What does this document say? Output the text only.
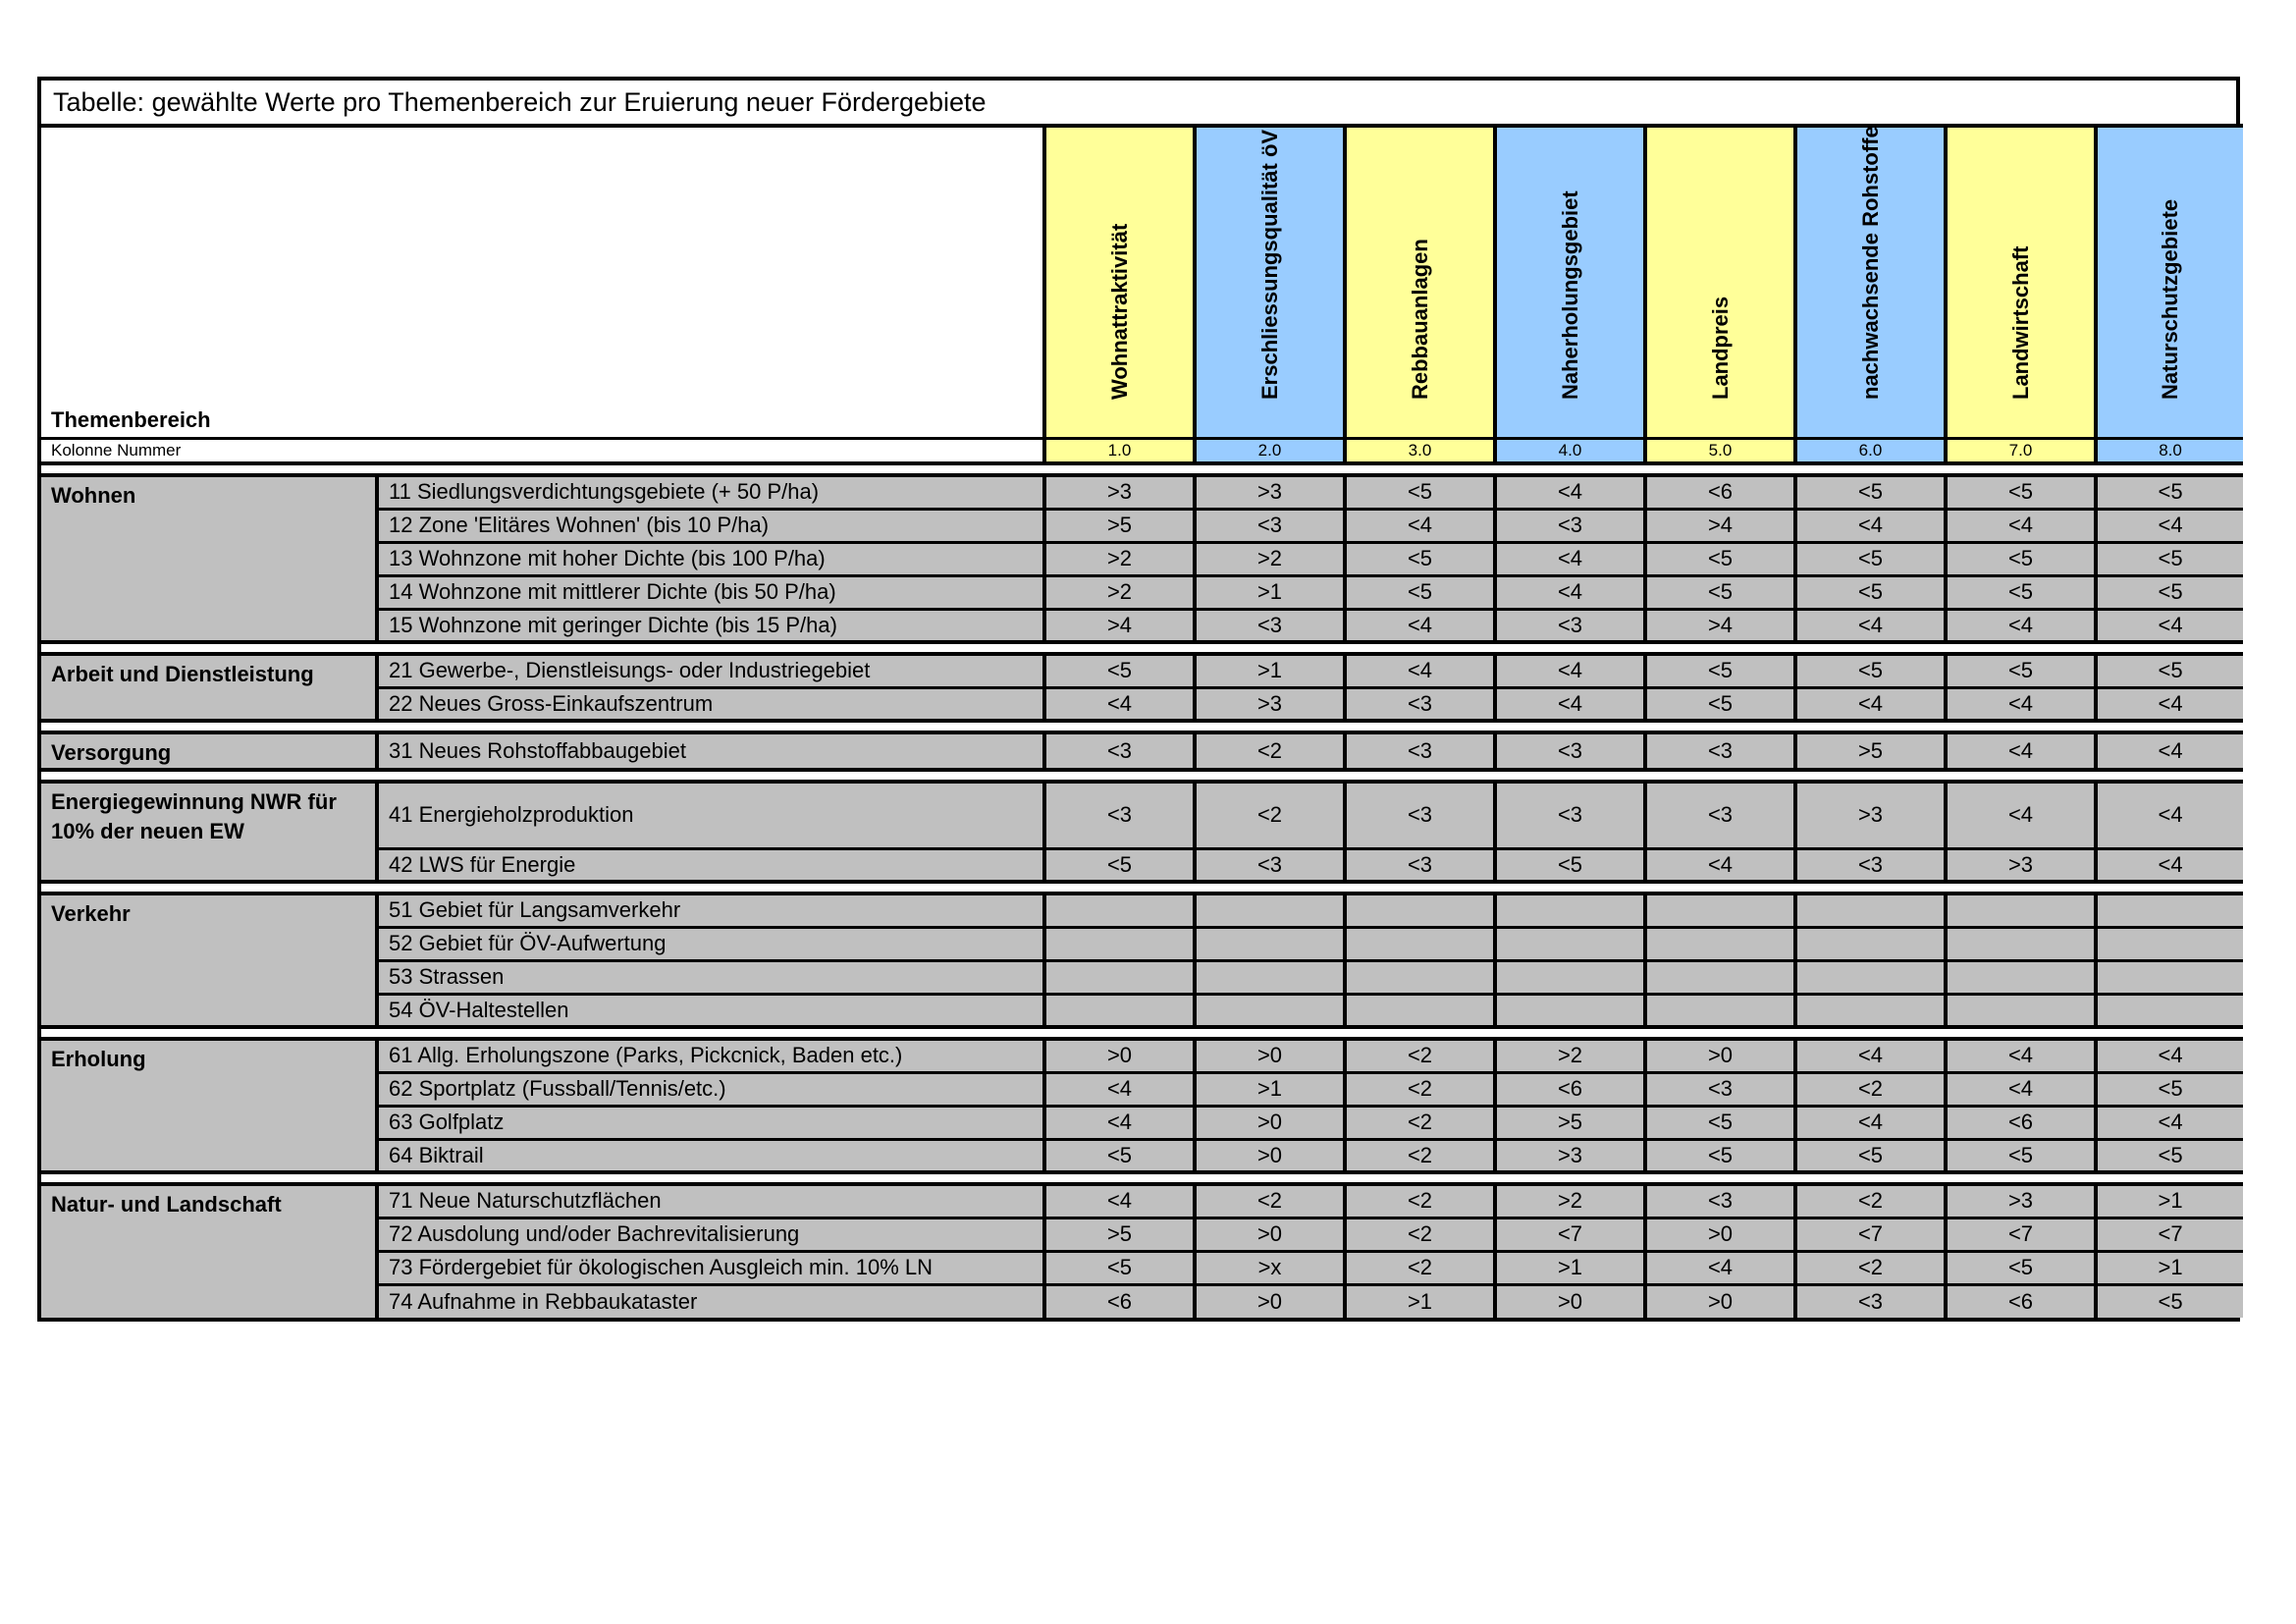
Tabelle: gewählte Werte pro Themenbereich zur Eruierung neuer Fördergebiete									

Themenbereich		Wohnattraktivität	Erschliessungsqualität öV	Rebbauanlagen	Naherholungsgebiet	Landpreis	nachwachsende Rohstoffe	Landwirtschaft	Naturschutzgebiete

Kolonne Nummer		1.0	2.0	3.0	4.0	5.0	6.0	7.0	8.0

Wohnen	11 Siedlungsverdichtungsgebiete (+ 50 P/ha)	>3	>3	<5	<4	<6	<5	<5	<5
	12 Zone 'Elitäres Wohnen' (bis 10 P/ha)	>5	<3	<4	<3	>4	<4	<4	<4
	13 Wohnzone mit hoher Dichte (bis 100 P/ha)	>2	>2	<5	<4	<5	<5	<5	<5
	14 Wohnzone mit mittlerer Dichte (bis 50 P/ha)	>2	>1	<5	<4	<5	<5	<5	<5
	15 Wohnzone mit geringer Dichte (bis 15 P/ha)	>4	<3	<4	<3	>4	<4	<4	<4

Arbeit und Dienstleistung	21 Gewerbe-, Dienstleisungs- oder Industriegebiet	<5	>1	<4	<4	<5	<5	<5	<5
	22 Neues Gross-Einkaufszentrum	<4	>3	<3	<4	<5	<4	<4	<4

Versorgung	31 Neues Rohstoffabbaugebiet	<3	<2	<3	<3	<3	>5	<4	<4

Energiegewinnung NWR für 10% der neuen EW	41 Energieholzproduktion	<3	<2	<3	<3	<3	>3	<4	<4
	42 LWS für Energie	<5	<3	<3	<5	<4	<3	>3	<4

Verkehr	51 Gebiet für Langsamverkehr								
	52 Gebiet für ÖV-Aufwertung								
	53 Strassen								
	54 ÖV-Haltestellen								

Erholung	61 Allg. Erholungszone (Parks, Pickcnick, Baden etc.)	>0	>0	<2	>2	>0	<4	<4	<4
	62 Sportplatz (Fussball/Tennis/etc.)	<4	>1	<2	<6	<3	<2	<4	<5
	63 Golfplatz	<4	>0	<2	>5	<5	<4	<6	<4
	64 Biktrail	<5	>0	<2	>3	<5	<5	<5	<5

Natur- und Landschaft	71 Neue Naturschutzflächen	<4	<2	<2	>2	<3	<2	>3	>1
	72 Ausdolung und/oder Bachrevitalisierung	>5	>0	<2	<7	>0	<7	<7	<7
	73 Fördergebiet für ökologischen Ausgleich min. 10% LN	<5	>x	<2	>1	<4	<2	<5	>1
	74 Aufnahme in Rebbaukataster	<6	>0	>1	>0	>0	<3	<6	<5
